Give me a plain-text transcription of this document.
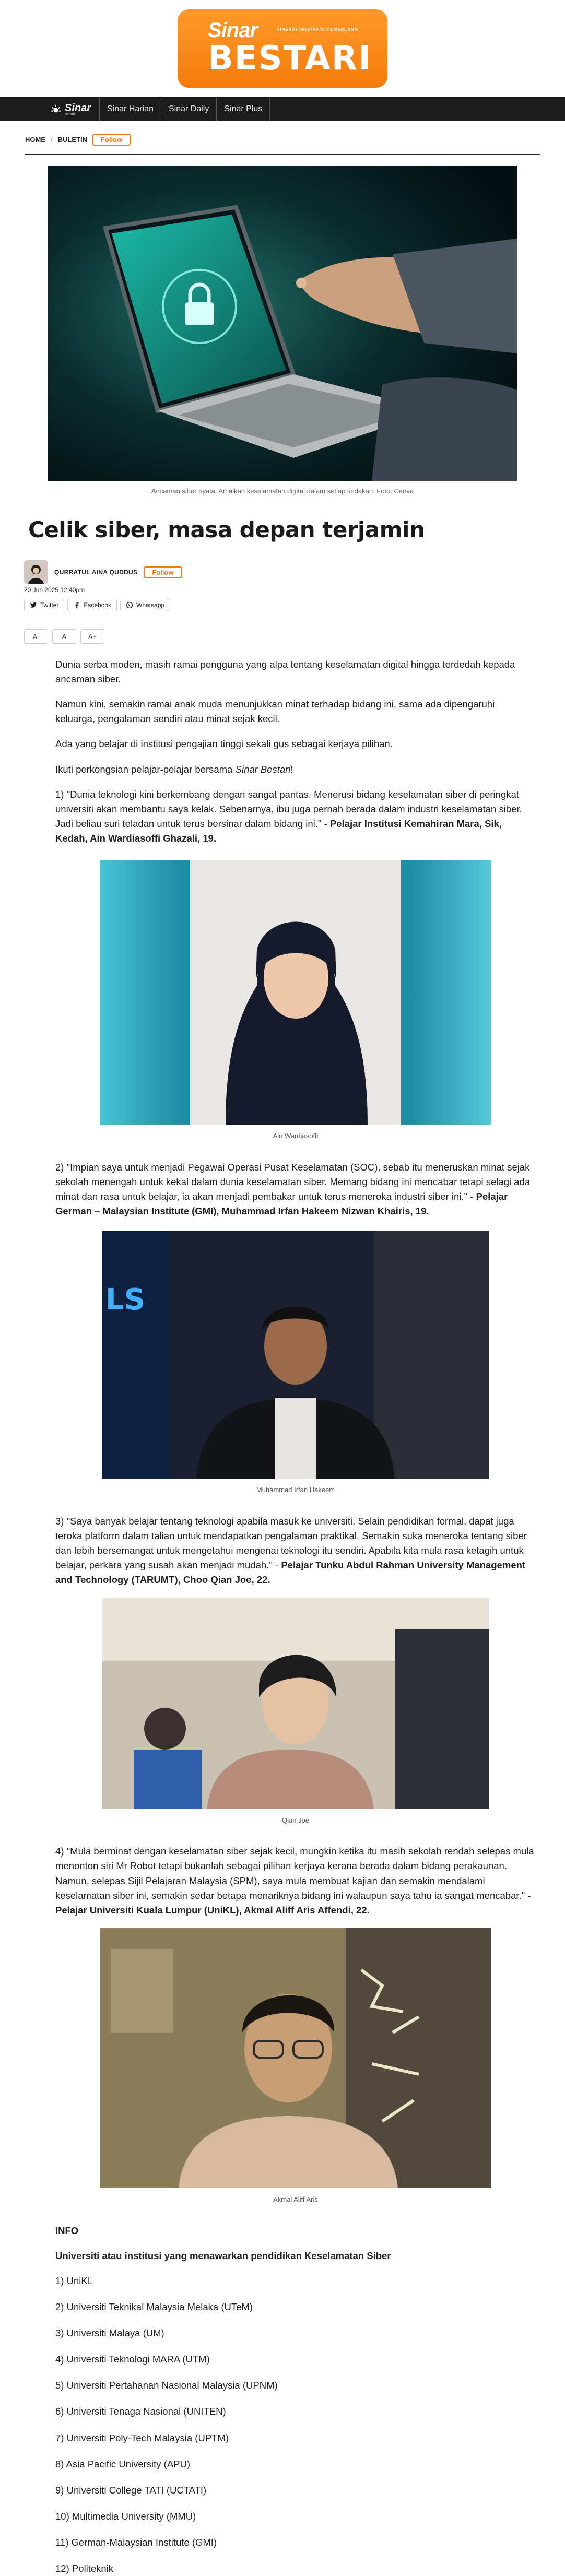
Sinar	SINERGI INSPIRASI CEMERLANG
BESTARI
Sinar
harian
Sinar Harian	Sinar Daily	Sinar Plus
HOME / BULETIN	Follow
Ancaman siber nyata. Amalkan keselamatan digital dalam setiap tindakan. Foto: Canva
Celik siber, masa depan terjamin
QURRATUL AINA QUDDUS	Follow
20 Jun 2025 12:40pm
Twitter	Facebook	Whatsapp
A-	A	A+

Dunia serba moden, masih ramai pengguna yang alpa tentang keselamatan digital hingga terdedah kepada ancaman siber.

Namun kini, semakin ramai anak muda menunjukkan minat terhadap bidang ini, sama ada dipengaruhi keluarga, pengalaman sendiri atau minat sejak kecil.

Ada yang belajar di institusi pengajian tinggi sekali gus sebagai kerjaya pilihan.

Ikuti perkongsian pelajar-pelajar bersama Sinar Bestari!

1) "Dunia teknologi kini berkembang dengan sangat pantas. Menerusi bidang keselamatan siber di peringkat universiti akan membantu saya kelak. Sebenarnya, ibu juga pernah berada dalam industri keselamatan siber. Jadi beliau suri teladan untuk terus bersinar dalam bidang ini." - Pelajar Institusi Kemahiran Mara, Sik, Kedah, Ain Wardiasoffi Ghazali, 19.

Ain Wardiasoffi

2) "Impian saya untuk menjadi Pegawai Operasi Pusat Keselamatan (SOC), sebab itu meneruskan minat sejak sekolah menengah untuk kekal dalam dunia keselamatan siber. Memang bidang ini mencabar tetapi selagi ada minat dan rasa untuk belajar, ia akan menjadi pembakar untuk terus meneroka industri siber ini." - Pelajar German – Malaysian Institute (GMI), Muhammad Irfan Hakeem Nizwan Khairis, 19.

LS
Muhammad Irfan Hakeem

3) "Saya banyak belajar tentang teknologi apabila masuk ke universiti. Selain pendidikan formal, dapat juga teroka platform dalam talian untuk mendapatkan pengalaman praktikal. Semakin suka meneroka tentang siber dan lebih bersemangat untuk mengetahui mengenai teknologi itu sendiri. Apabila kita mula rasa ketagih untuk belajar, perkara yang susah akan menjadi mudah." - Pelajar Tunku Abdul Rahman University Management and Technology (TARUMT), Choo Qian Joe, 22.

Qian Joe

4) "Mula berminat dengan keselamatan siber sejak kecil, mungkin ketika itu masih sekolah rendah selepas mula menonton siri Mr Robot tetapi bukanlah sebagai pilihan kerjaya kerana berada dalam bidang perakaunan. Namun, selepas Sijil Pelajaran Malaysia (SPM), saya mula membuat kajian dan semakin mendalami keselamatan siber ini, semakin sedar betapa menariknya bidang ini walaupun saya tahu ia sangat mencabar." - Pelajar Universiti Kuala Lumpur (UniKL), Akmal Aliff Aris Affendi, 22.

Akmal Aliff Aris
INFO

Universiti atau institusi yang menawarkan pendidikan Keselamatan Siber

1) UniKL
2) Universiti Teknikal Malaysia Melaka (UTeM)
3) Universiti Malaya (UM)
4) Universiti Teknologi MARA (UTM)
5) Universiti Pertahanan Nasional Malaysia (UPNM)
6) Universiti Tenaga Nasional (UNITEN)
7) Universiti Poly-Tech Malaysia (UPTM)
8) Asia Pacific University (APU)
9) Universiti College TATI (UCTATI)
10) Multimedia University (MMU)
11) German-Malaysian Institute (GMI)
12) Politeknik
